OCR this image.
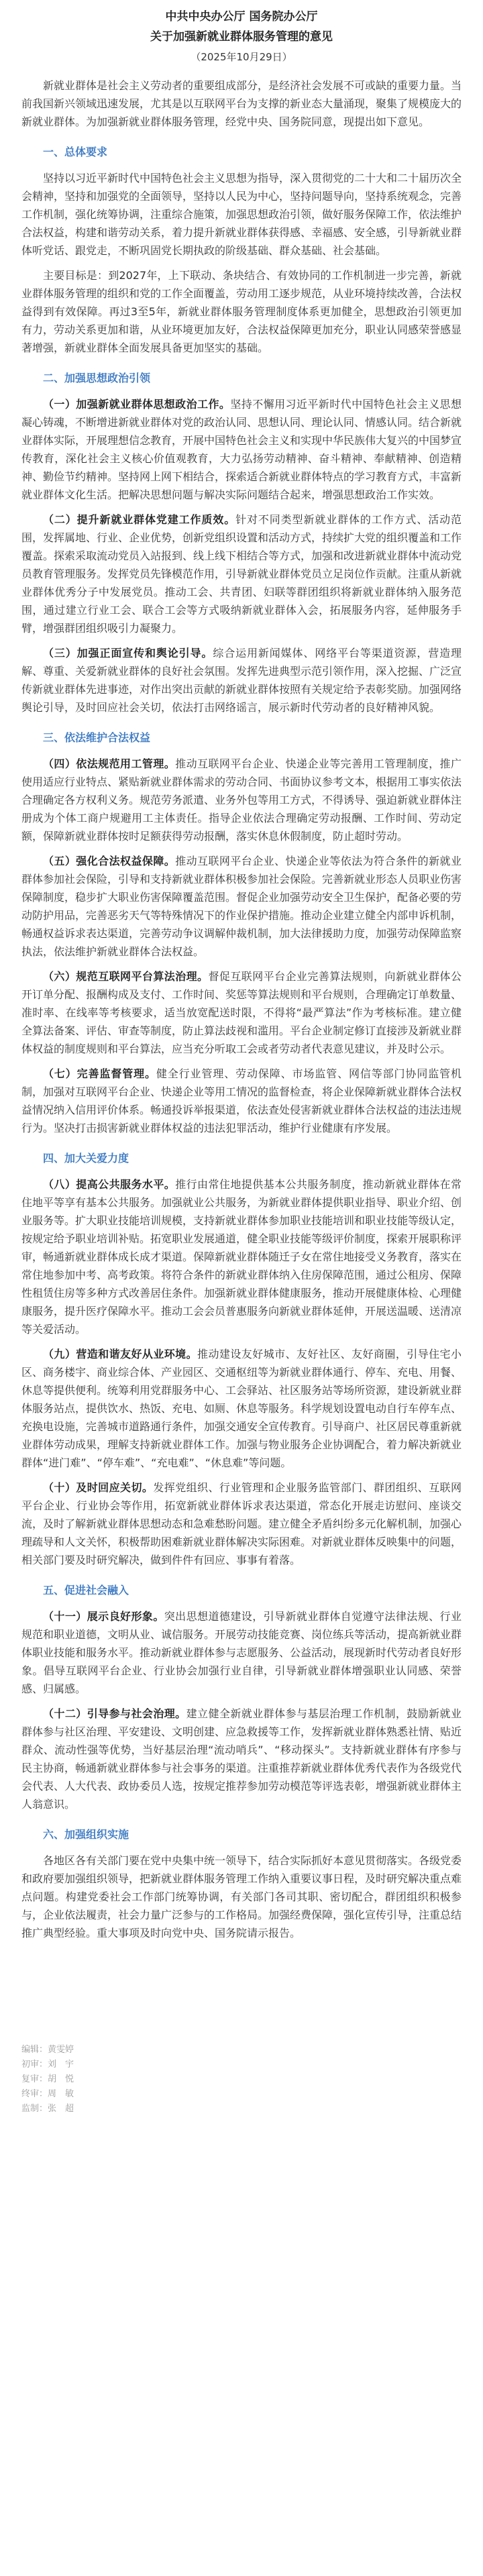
中共中央办公厅 国务院办公厅
关于加强新就业群体服务管理的意见
（2025年10月29日）

新就业群体是社会主义劳动者的重要组成部分，是经济社会发展不可或缺的重要力量。当前我国新兴领域迅速发展，尤其是以互联网平台为支撑的新业态大量涌现，聚集了规模庞大的新就业群体。为加强新就业群体服务管理，经党中央、国务院同意，现提出如下意见。

一、总体要求

坚持以习近平新时代中国特色社会主义思想为指导，深入贯彻党的二十大和二十届历次全会精神，坚持和加强党的全面领导，坚持以人民为中心，坚持问题导向，坚持系统观念，完善工作机制，强化统筹协调，注重综合施策，加强思想政治引领，做好服务保障工作，依法维护合法权益，构建和谐劳动关系，着力提升新就业群体获得感、幸福感、安全感，引导新就业群体听党话、跟党走，不断巩固党长期执政的阶级基础、群众基础、社会基础。

主要目标是：到2027年，上下联动、条块结合、有效协同的工作机制进一步完善，新就业群体服务管理的组织和党的工作全面覆盖，劳动用工逐步规范，从业环境持续改善，合法权益得到有效保障。再过3至5年，新就业群体服务管理制度体系更加健全，思想政治引领更加有力，劳动关系更加和谐，从业环境更加友好，合法权益保障更加充分，职业认同感荣誉感显著增强，新就业群体全面发展具备更加坚实的基础。

二、加强思想政治引领

（一）加强新就业群体思想政治工作。坚持不懈用习近平新时代中国特色社会主义思想凝心铸魂，不断增进新就业群体对党的政治认同、思想认同、理论认同、情感认同。结合新就业群体实际，开展理想信念教育，开展中国特色社会主义和实现中华民族伟大复兴的中国梦宣传教育，深化社会主义核心价值观教育，大力弘扬劳动精神、奋斗精神、奉献精神、创造精神、勤俭节约精神。坚持网上网下相结合，探索适合新就业群体特点的学习教育方式，丰富新就业群体文化生活。把解决思想问题与解决实际问题结合起来，增强思想政治工作实效。

（二）提升新就业群体党建工作质效。针对不同类型新就业群体的工作方式、活动范围，发挥属地、行业、企业优势，创新党组织设置和活动方式，持续扩大党的组织覆盖和工作覆盖。探索采取流动党员入站报到、线上线下相结合等方式，加强和改进新就业群体中流动党员教育管理服务。发挥党员先锋模范作用，引导新就业群体党员立足岗位作贡献。注重从新就业群体优秀分子中发展党员。推动工会、共青团、妇联等群团组织将新就业群体纳入服务范围，通过建立行业工会、联合工会等方式吸纳新就业群体入会，拓展服务内容，延伸服务手臂，增强群团组织吸引力凝聚力。

（三）加强正面宣传和舆论引导。综合运用新闻媒体、网络平台等渠道资源，营造理解、尊重、关爱新就业群体的良好社会氛围。发挥先进典型示范引领作用，深入挖掘、广泛宣传新就业群体先进事迹，对作出突出贡献的新就业群体按照有关规定给予表彰奖励。加强网络舆论引导，及时回应社会关切，依法打击网络谣言，展示新时代劳动者的良好精神风貌。

三、依法维护合法权益

（四）依法规范用工管理。推动互联网平台企业、快递企业等完善用工管理制度，推广使用适应行业特点、紧贴新就业群体需求的劳动合同、书面协议参考文本，根据用工事实依法合理确定各方权利义务。规范劳务派遣、业务外包等用工方式，不得诱导、强迫新就业群体注册成为个体工商户规避用工主体责任。指导企业依法合理确定劳动报酬、工作时间、劳动定额，保障新就业群体按时足额获得劳动报酬，落实休息休假制度，防止超时劳动。

（五）强化合法权益保障。推动互联网平台企业、快递企业等依法为符合条件的新就业群体参加社会保险，引导和支持新就业群体积极参加社会保险。完善新就业形态人员职业伤害保障制度，稳步扩大职业伤害保障覆盖范围。督促企业加强劳动安全卫生保护，配备必要的劳动防护用品，完善恶劣天气等特殊情况下的作业保护措施。推动企业建立健全内部申诉机制，畅通权益诉求表达渠道，完善劳动争议调解仲裁机制，加大法律援助力度，加强劳动保障监察执法，依法维护新就业群体合法权益。

（六）规范互联网平台算法治理。督促互联网平台企业完善算法规则，向新就业群体公开订单分配、报酬构成及支付、工作时间、奖惩等算法规则和平台规则，合理确定订单数量、准时率、在线率等考核要求，适当放宽配送时限，不得将“最严算法”作为考核标准。建立健全算法备案、评估、审查等制度，防止算法歧视和滥用。平台企业制定修订直接涉及新就业群体权益的制度规则和平台算法，应当充分听取工会或者劳动者代表意见建议，并及时公示。

（七）完善监督管理。健全行业管理、劳动保障、市场监管、网信等部门协同监管机制，加强对互联网平台企业、快递企业等用工情况的监督检查，将企业保障新就业群体合法权益情况纳入信用评价体系。畅通投诉举报渠道，依法查处侵害新就业群体合法权益的违法违规行为。坚决打击损害新就业群体权益的违法犯罪活动，维护行业健康有序发展。

四、加大关爱力度

（八）提高公共服务水平。推行由常住地提供基本公共服务制度，推动新就业群体在常住地平等享有基本公共服务。加强就业公共服务，为新就业群体提供职业指导、职业介绍、创业服务等。扩大职业技能培训规模，支持新就业群体参加职业技能培训和职业技能等级认定，按规定给予职业培训补贴。拓宽职业发展通道，健全职业技能等级评价制度，探索开展职称评审，畅通新就业群体成长成才渠道。保障新就业群体随迁子女在常住地接受义务教育，落实在常住地参加中考、高考政策。将符合条件的新就业群体纳入住房保障范围，通过公租房、保障性租赁住房等多种方式改善居住条件。加强新就业群体健康服务，推动开展健康体检、心理健康服务，提升医疗保障水平。推动工会会员普惠服务向新就业群体延伸，开展送温暖、送清凉等关爱活动。

（九）营造和谐友好从业环境。推动建设友好城市、友好社区、友好商圈，引导住宅小区、商务楼宇、商业综合体、产业园区、交通枢纽等为新就业群体通行、停车、充电、用餐、休息等提供便利。统筹利用党群服务中心、工会驿站、社区服务站等场所资源，建设新就业群体服务站点，提供饮水、热饭、充电、如厕、休息等服务。科学规划设置电动自行车停车点、充换电设施，完善城市道路通行条件，加强交通安全宣传教育。引导商户、社区居民尊重新就业群体劳动成果，理解支持新就业群体工作。加强与物业服务企业协调配合，着力解决新就业群体“进门难”、“停车难”、“充电难”、“休息难”等问题。

（十）及时回应关切。发挥党组织、行业管理和企业服务监管部门、群团组织、互联网平台企业、行业协会等作用，拓宽新就业群体诉求表达渠道，常态化开展走访慰问、座谈交流，及时了解新就业群体思想动态和急难愁盼问题。建立健全矛盾纠纷多元化解机制，加强心理疏导和人文关怀，积极帮助困难新就业群体解决实际困难。对新就业群体反映集中的问题，相关部门要及时研究解决，做到件件有回应、事事有着落。

五、促进社会融入

（十一）展示良好形象。突出思想道德建设，引导新就业群体自觉遵守法律法规、行业规范和职业道德，文明从业、诚信服务。开展劳动技能竞赛、岗位练兵等活动，提高新就业群体职业技能和服务水平。推动新就业群体参与志愿服务、公益活动，展现新时代劳动者良好形象。倡导互联网平台企业、行业协会加强行业自律，引导新就业群体增强职业认同感、荣誉感、归属感。

（十二）引导参与社会治理。建立健全新就业群体参与基层治理工作机制，鼓励新就业群体参与社区治理、平安建设、文明创建、应急救援等工作，发挥新就业群体熟悉社情、贴近群众、流动性强等优势，当好基层治理“流动哨兵”、“移动探头”。支持新就业群体有序参与民主协商，畅通新就业群体参与社会事务的渠道。注重推荐新就业群体优秀代表作为各级党代会代表、人大代表、政协委员人选，按规定推荐参加劳动模范等评选表彰，增强新就业群体主人翁意识。

六、加强组织实施

各地区各有关部门要在党中央集中统一领导下，结合实际抓好本意见贯彻落实。各级党委和政府要加强组织领导，把新就业群体服务管理工作纳入重要议事日程，及时研究解决重点难点问题。构建党委社会工作部门统筹协调，有关部门各司其职、密切配合，群团组织积极参与，企业依法履责，社会力量广泛参与的工作格局。加强经费保障，强化宣传引导，注重总结推广典型经验。重大事项及时向党中央、国务院请示报告。

编辑：黄雯婷
初审：刘　宇
复审：胡　悦
终审：周　敏
监制：张　超
